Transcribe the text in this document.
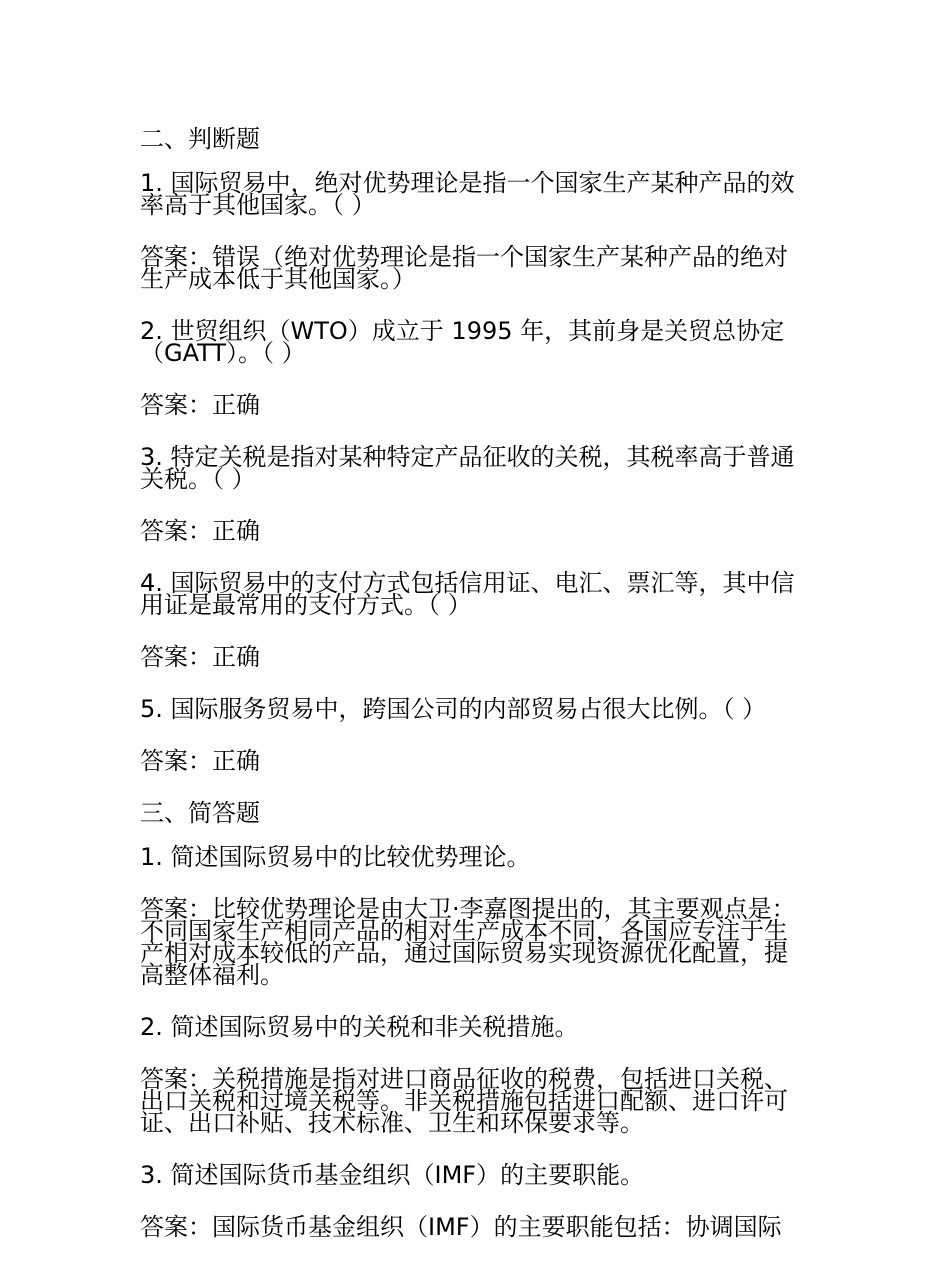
二、判断题

1. 国际贸易中，绝对优势理论是指一个国家生产某种产品的效率高于其他国家。（ ）

答案：错误（绝对优势理论是指一个国家生产某种产品的绝对生产成本低于其他国家。）

2. 世贸组织（WTO）成立于 1995 年，其前身是关贸总协定（GATT）。（ ）

答案：正确

3. 特定关税是指对某种特定产品征收的关税，其税率高于普通关税。（ ）

答案：正确

4. 国际贸易中的支付方式包括信用证、电汇、票汇等，其中信用证是最常用的支付方式。（ ）

答案：正确

5. 国际服务贸易中，跨国公司的内部贸易占很大比例。（ ）

答案：正确

三、简答题

1. 简述国际贸易中的比较优势理论。

答案：比较优势理论是由大卫·李嘉图提出的，其主要观点是：不同国家生产相同产品的相对生产成本不同，各国应专注于生产相对成本较低的产品，通过国际贸易实现资源优化配置，提高整体福利。

2. 简述国际贸易中的关税和非关税措施。

答案：关税措施是指对进口商品征收的税费，包括进口关税、出口关税和过境关税等。非关税措施包括进口配额、进口许可证、出口补贴、技术标准、卫生和环保要求等。

3. 简述国际货币基金组织（IMF）的主要职能。

答案：国际货币基金组织（IMF）的主要职能包括：协调国际
